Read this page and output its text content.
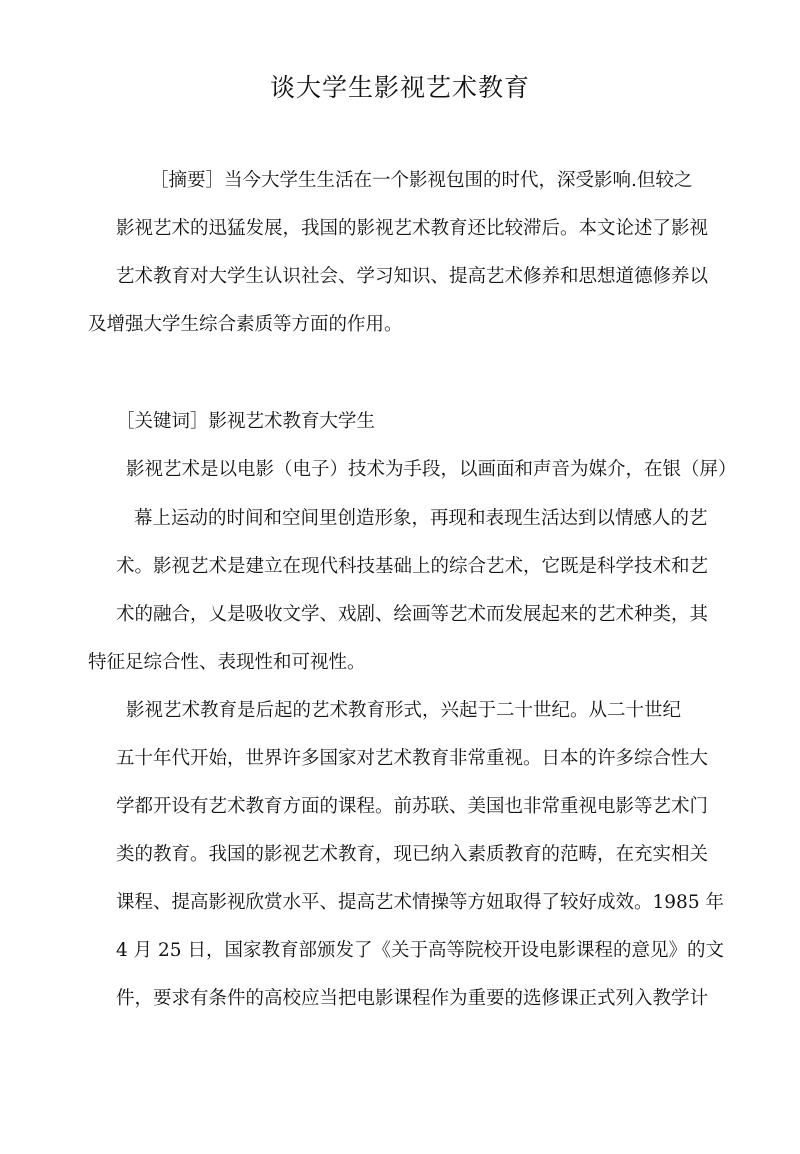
谈大学生影视艺术教育
［摘要］当今大学生生活在一个影视包围的时代，深受影响.但较之
影视艺术的迅猛发展，我国的影视艺术教育还比较滞后。本文论述了影视
艺术教育对大学生认识社会、学习知识、提高艺术修养和思想道德修养以
及增强大学生综合素质等方面的作用。
［关键词］影视艺术教育大学生
影视艺术是以电影（电子）技术为手段，以画面和声音为媒介，在银（屏）
幕上运动的时间和空间里创造形象，再现和表现生活达到以情感人的艺
术。影视艺术是建立在现代科技基础上的综合艺术，它既是科学技术和艺
术的融合，乂是吸收文学、戏剧、绘画等艺术而发展起来的艺术种类，其
特征足综合性、表现性和可视性。
影视艺术教育是后起的艺术教育形式，兴起于二十世纪。从二十世纪
五十年代开始，世界许多国家对艺术教育非常重视。日本的许多综合性大
学都开设有艺术教育方面的课程。前苏联、美国也非常重视电影等艺术门
类的教育。我国的影视艺术教育，现已纳入素质教育的范畴，在充实相关
课程、提高影视欣赏水平、提高艺术情操等方妞取得了较好成效。1985 年
4 月 25 日，国家教育部颁发了《关于高等院校开设电影课程的意见》的文
件，要求有条件的高校应当把电影课程作为重要的选修课正式列入教学计
